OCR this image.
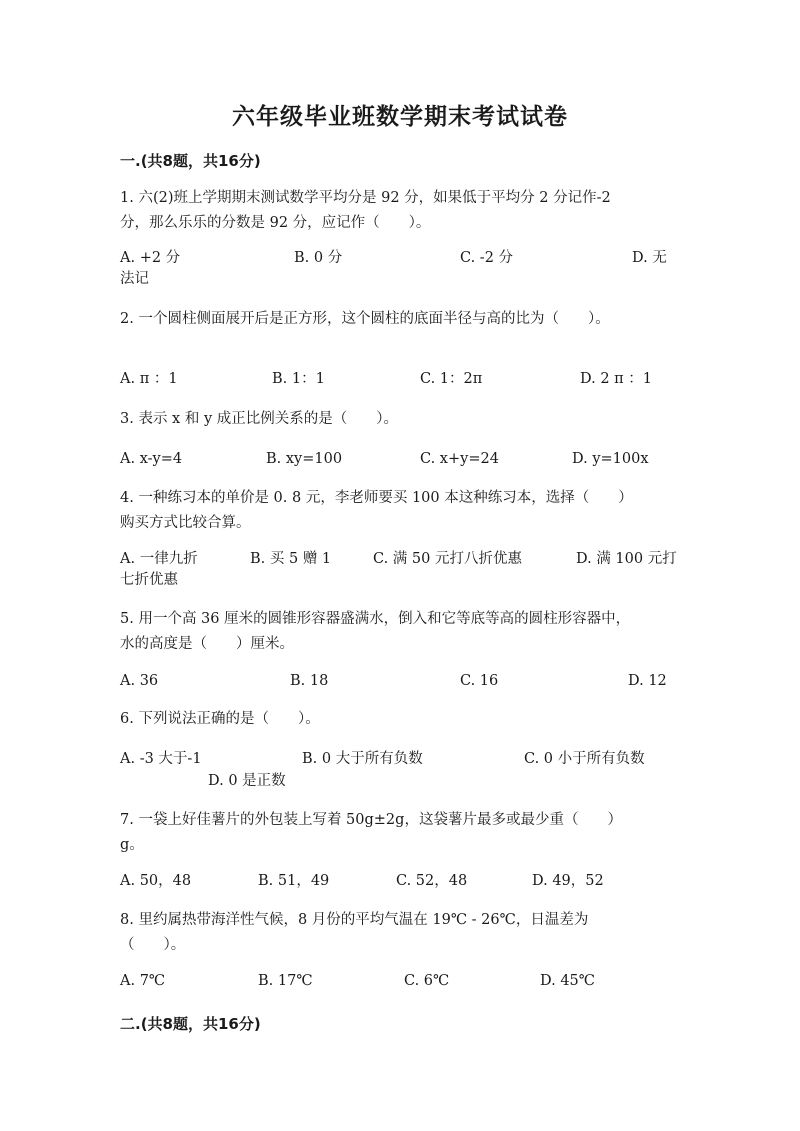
六年级毕业班数学期末考试试卷
一.(共8题，共16分)
1. 六(2)班上学期期末测试数学平均分是 92 分，如果低于平均分 2 分记作-2
分，那么乐乐的分数是 92 分，应记作（　　）。
A. +2 分	B. 0 分	C. -2 分	D. 无
法记
2. 一个圆柱侧面展开后是正方形，这个圆柱的底面半径与高的比为（　　）。
A. π ：1	B. 1：1	C. 1：2π	D. 2 π ：1
3. 表示 x 和 y 成正比例关系的是（　　）。
A. x-y=4	B. xy=100	C. x+y=24	D. y=100x
4. 一种练习本的单价是 0. 8 元，李老师要买 100 本这种练习本，选择（　　）
购买方式比较合算。
A. 一律九折	B. 买 5 赠 1	C. 满 50 元打八折优惠	D. 满 100 元打
七折优惠
5. 用一个高 36 厘米的圆锥形容器盛满水，倒入和它等底等高的圆柱形容器中，
水的高度是（　　）厘米。
A. 36	B. 18	C. 16	D. 12
6. 下列说法正确的是（　　）。
A. -3 大于-1	B. 0 大于所有负数	C. 0 小于所有负数
D. 0 是正数
7. 一袋上好佳薯片的外包装上写着 50g±2g，这袋薯片最多或最少重（　　）
g。
A. 50，48	B. 51，49	C. 52，48	D. 49，52
8. 里约属热带海洋性气候，8 月份的平均气温在 19℃ - 26℃，日温差为
（　　）。
A. 7℃	B. 17℃	C. 6℃	D. 45℃
二.(共8题，共16分)
